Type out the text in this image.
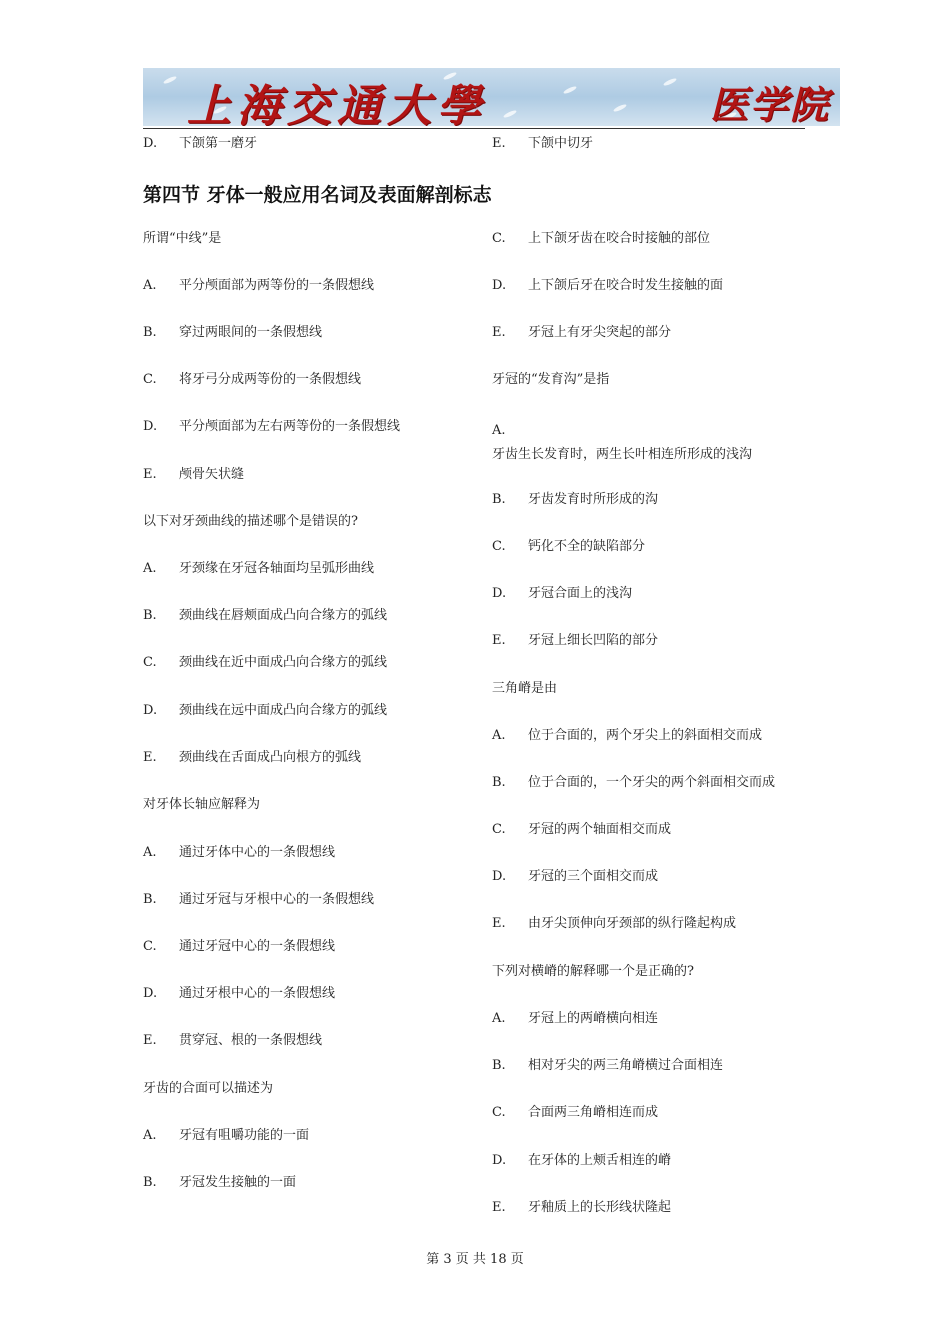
上海交通大學	医学院
D. 下颌第一磨牙	E. 下颌中切牙
第四节 牙体一般应用名词及表面解剖标志
所谓“中线”是
A. 平分颅面部为两等份的一条假想线
B. 穿过两眼间的一条假想线
C. 将牙弓分成两等份的一条假想线
D. 平分颅面部为左右两等份的一条假想线
E. 颅骨矢状缝
以下对牙颈曲线的描述哪个是错误的?
A. 牙颈缘在牙冠各轴面均呈弧形曲线
B. 颈曲线在唇颊面成凸向合缘方的弧线
C. 颈曲线在近中面成凸向合缘方的弧线
D. 颈曲线在远中面成凸向合缘方的弧线
E. 颈曲线在舌面成凸向根方的弧线
对牙体长轴应解释为
A. 通过牙体中心的一条假想线
B. 通过牙冠与牙根中心的一条假想线
C. 通过牙冠中心的一条假想线
D. 通过牙根中心的一条假想线
E. 贯穿冠、根的一条假想线
牙齿的合面可以描述为
A. 牙冠有咀嚼功能的一面
B. 牙冠发生接触的一面
C. 上下颌牙齿在咬合时接触的部位
D. 上下颌后牙在咬合时发生接触的面
E. 牙冠上有牙尖突起的部分
牙冠的“发育沟”是指
A.牙齿生长发育时，两生长叶相连所形成的浅沟
B. 牙齿发育时所形成的沟
C. 钙化不全的缺陷部分
D. 牙冠合面上的浅沟
E. 牙冠上细长凹陷的部分
三角嵴是由
A. 位于合面的，两个牙尖上的斜面相交而成
B. 位于合面的，一个牙尖的两个斜面相交而成
C. 牙冠的两个轴面相交而成
D. 牙冠的三个面相交而成
E. 由牙尖顶伸向牙颈部的纵行隆起构成
下列对横嵴的解释哪一个是正确的?
A. 牙冠上的两嵴横向相连
B. 相对牙尖的两三角嵴横过合面相连
C. 合面两三角嵴相连而成
D. 在牙体的上颊舌相连的嵴
E. 牙釉质上的长形线状隆起
第 3 页 共 18 页
